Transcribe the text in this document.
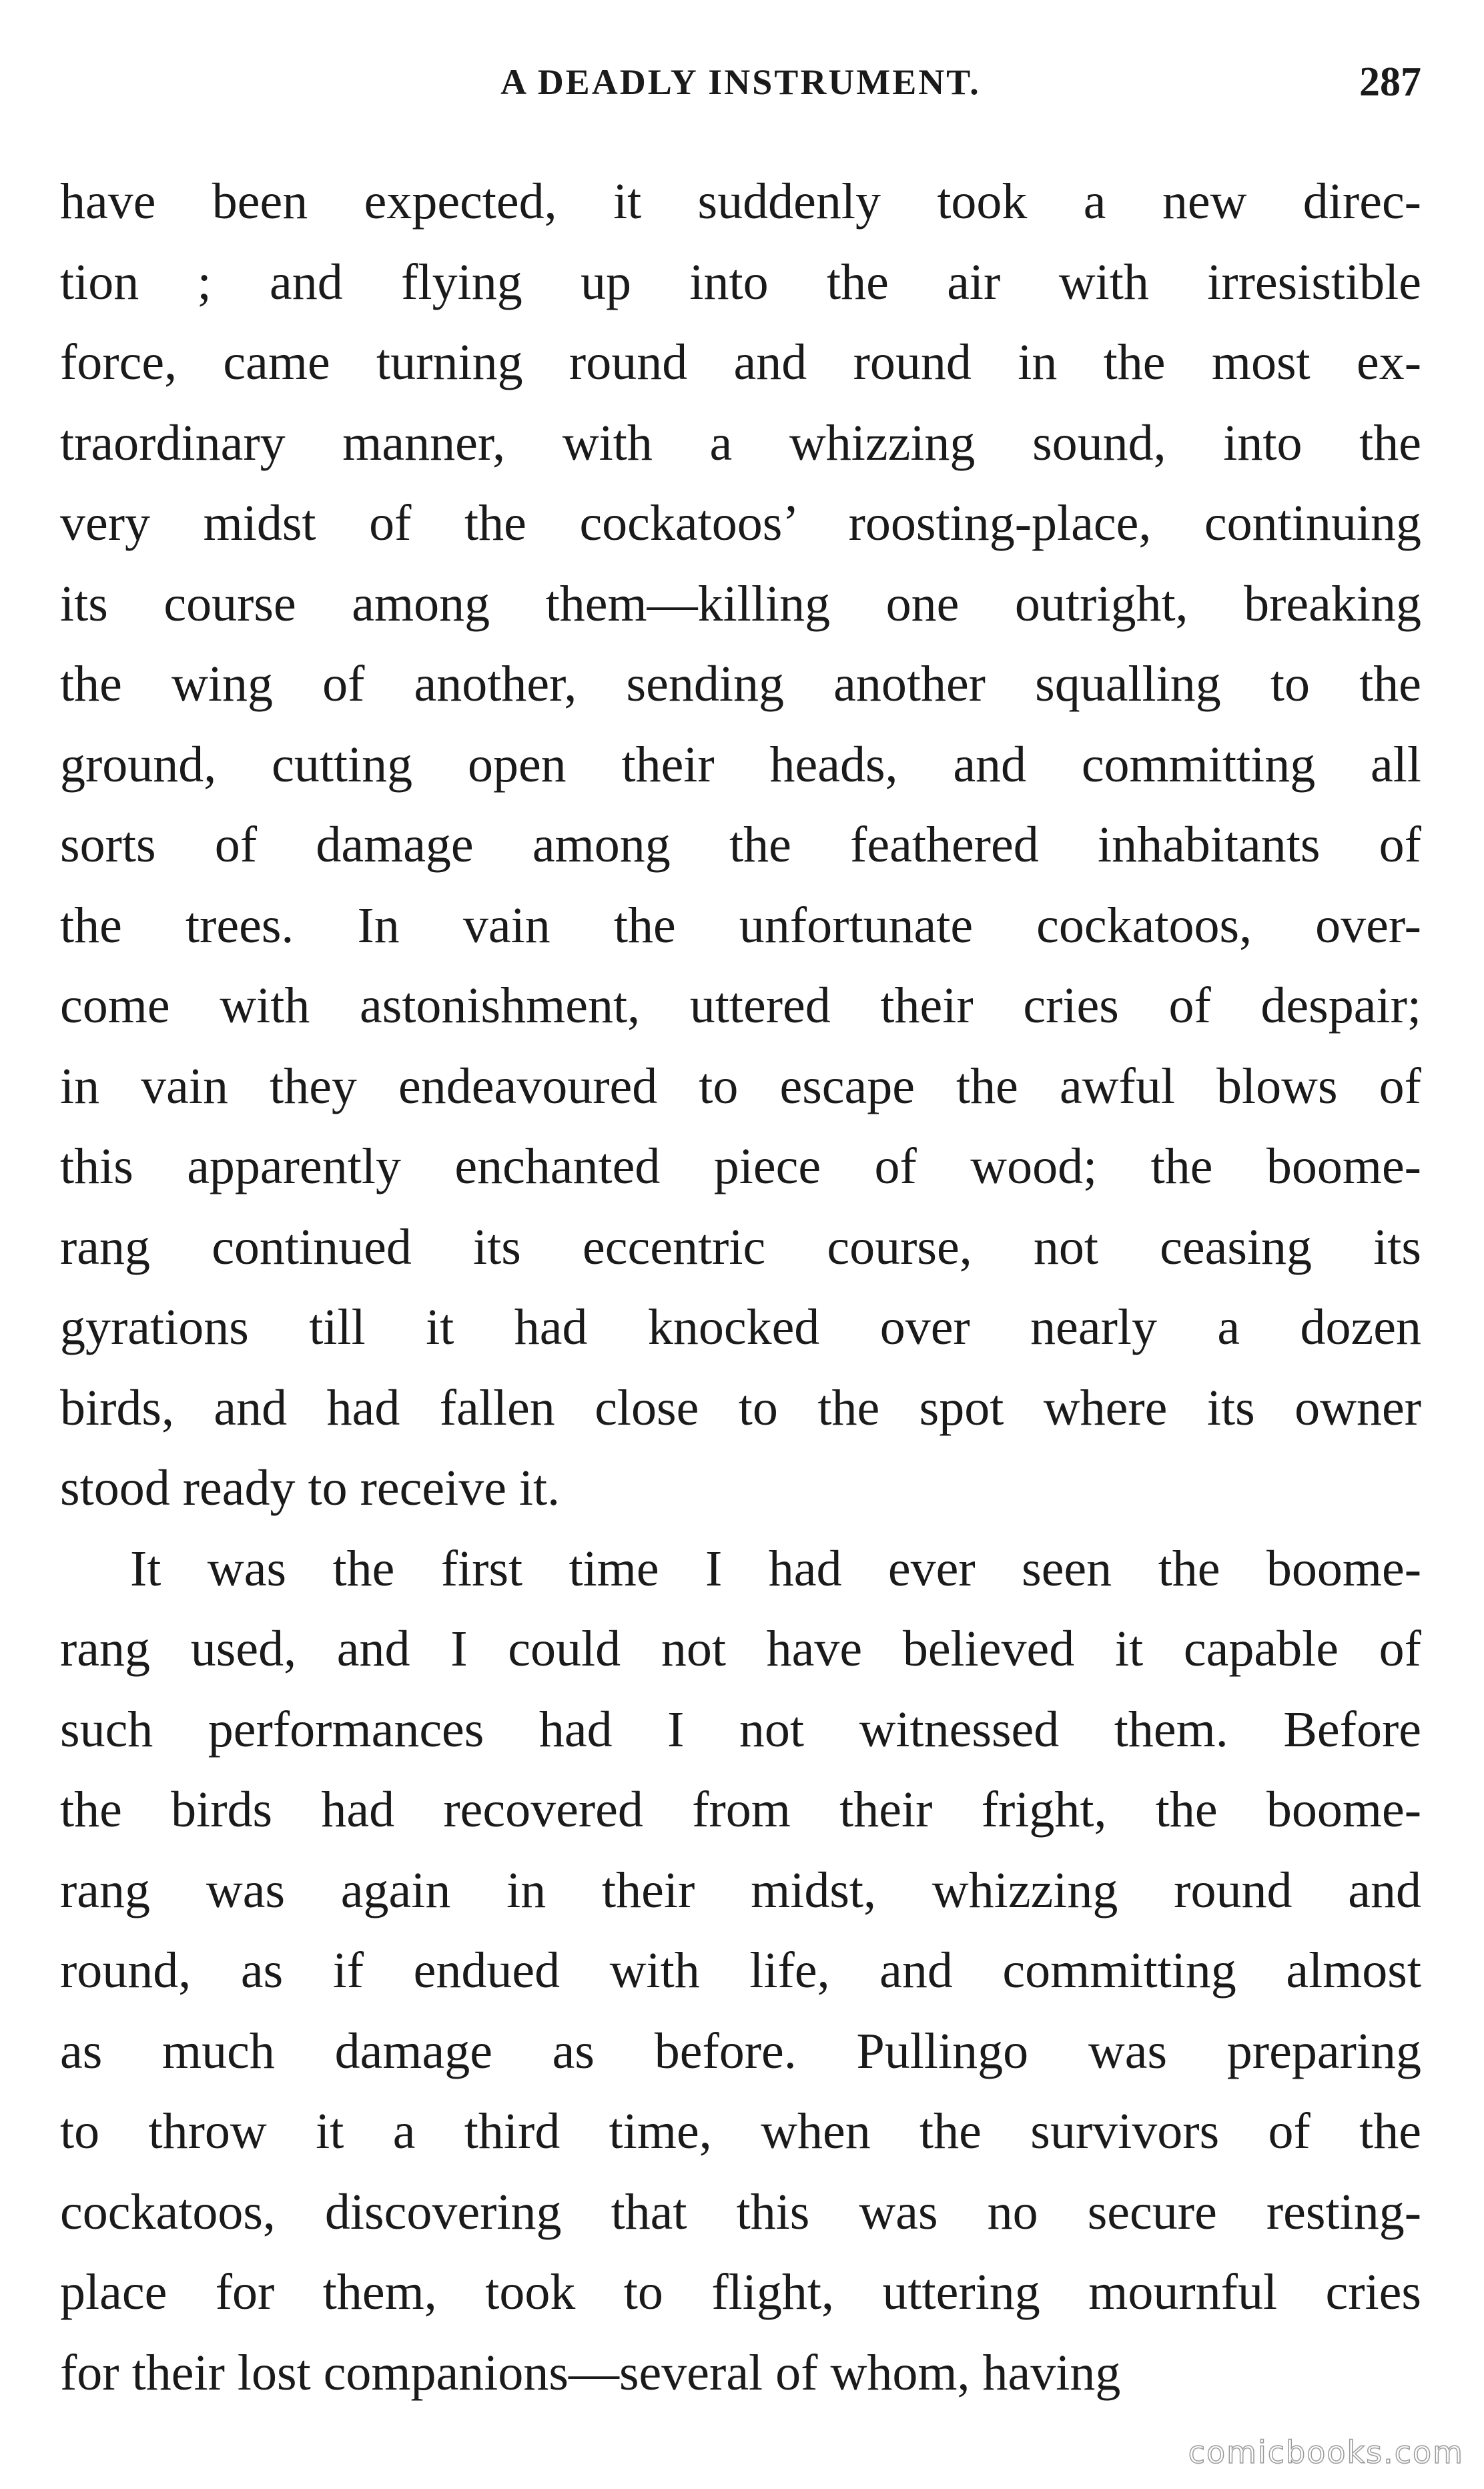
A DEADLY INSTRUMENT.	287
have been expected, it suddenly took a new direc-
tion ; and flying up into the air with irresistible
force, came turning round and round in the most ex-
traordinary manner, with a whizzing sound, into the
very midst of the cockatoos’ roosting-place, continuing
its course among them—killing one outright, breaking
the wing of another, sending another squalling to the
ground, cutting open their heads, and committing all
sorts of damage among the feathered inhabitants of
the trees. In vain the unfortunate cockatoos, over-
come with astonishment, uttered their cries of despair;
in vain they endeavoured to escape the awful blows of
this apparently enchanted piece of wood; the boome-
rang continued its eccentric course, not ceasing its
gyrations till it had knocked over nearly a dozen
birds, and had fallen close to the spot where its owner
stood ready to receive it.
It was the first time I had ever seen the boome-
rang used, and I could not have believed it capable of
such performances had I not witnessed them. Before
the birds had recovered from their fright, the boome-
rang was again in their midst, whizzing round and
round, as if endued with life, and committing almost
as much damage as before. Pullingo was preparing
to throw it a third time, when the survivors of the
cockatoos, discovering that this was no secure resting-
place for them, took to flight, uttering mournful cries
for their lost companions—several of whom, having
comicbooks.com
